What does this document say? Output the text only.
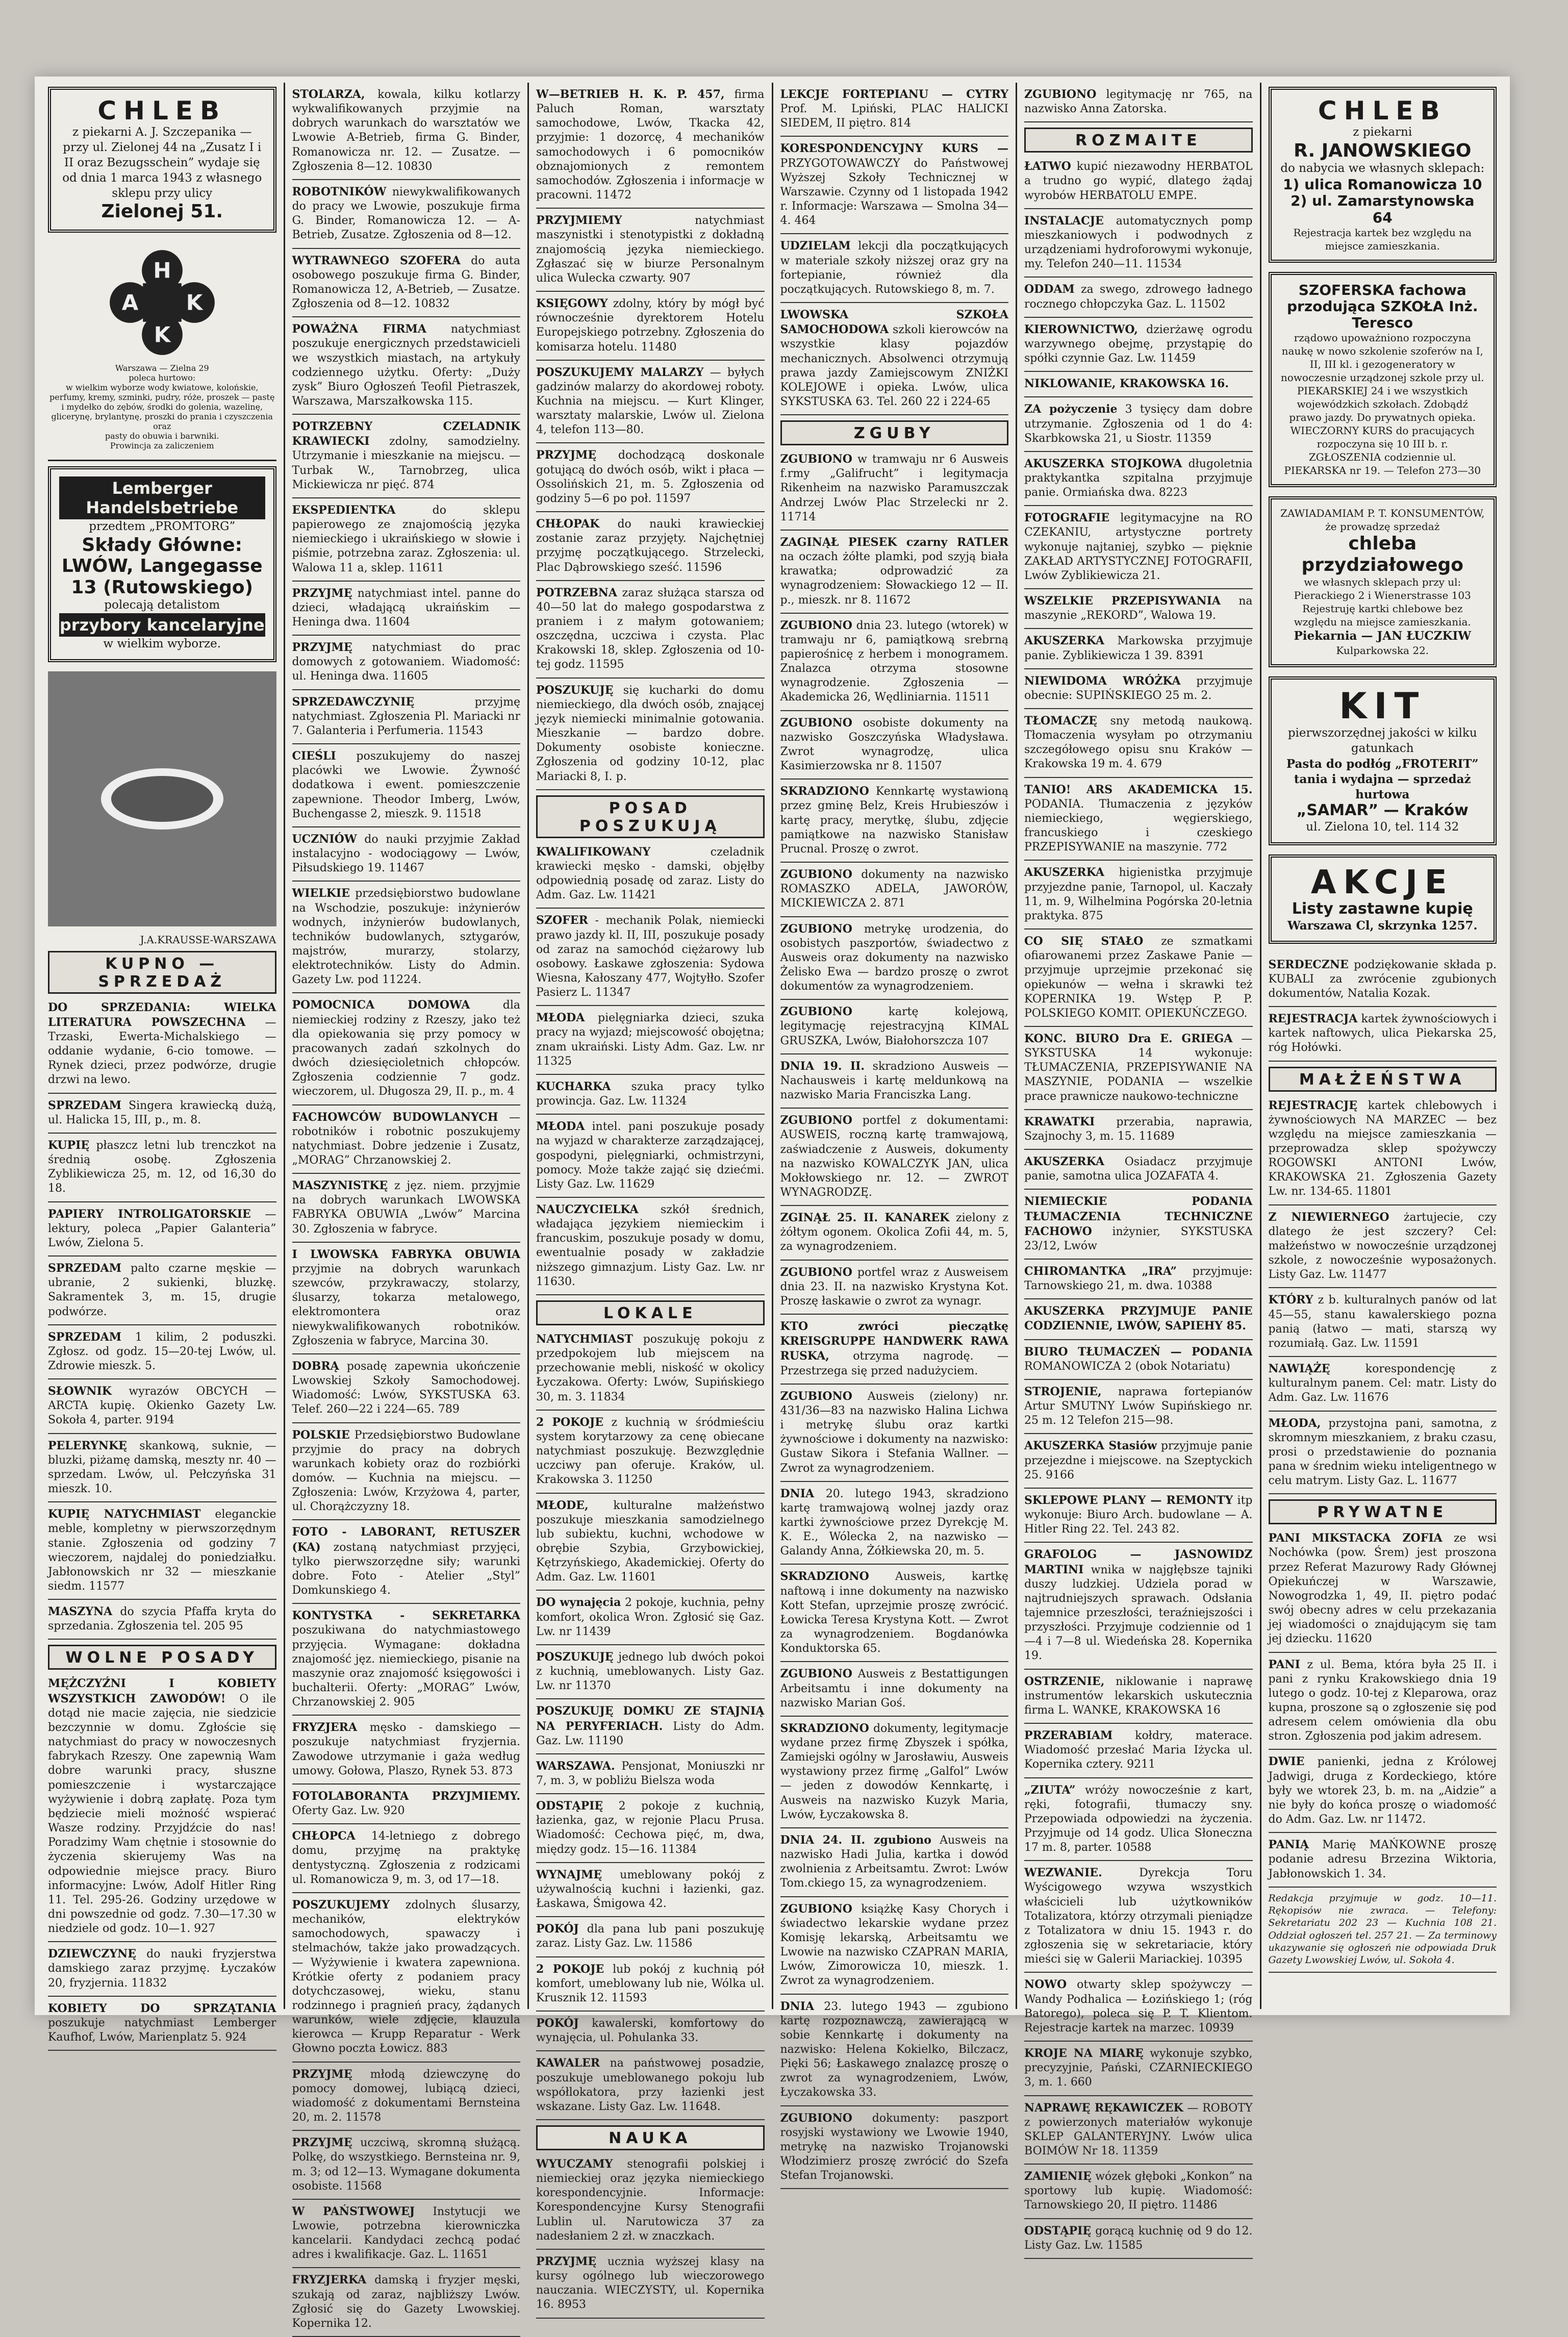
CHLEB
z piekarni A. J. Szczepanika — przy ul. Zielonej 44 na „Zusatz I i II oraz Bezugsschein” wydaje się od dnia 1 marca 1943 z własnego sklepu przy ulicy
Zielonej 51.
H
A	K
K
Warszawa — Zielna 29
poleca hurtowo:
w wielkim wyborze wody kwiatowe, kolońskie, perfumy, kremy, szminki, pudry, róże, proszek — pastę i mydełko do zębów, środki do golenia, wazelinę, glicerynę, brylantynę, proszki do prania i czyszczenia oraz
pasty do obuwia i barwniki.
Prowincja za zaliczeniem
Lemberger Handelsbetriebe
przedtem „PROMTORG”
Składy Główne: LWÓW, Langegasse 13 (Rutowskiego)
polecają detalistom
przybory kancelaryjne
w wielkim wyborze.
J.A.KRAUSSE-WARSZAWA
KUPNO — SPRZEDAŻ
DO SPRZEDANIA: WIELKA LITERATURA POWSZECHNA — Trzaski, Ewerta-Michalskiego — oddanie wydanie, 6-cio tomowe. — Rynek dzieci, przez podwórze, drugie drzwi na lewo.
SPRZEDAM Singera krawiecką dużą, ul. Halicka 15, III, p., m. 8.
KUPIĘ płaszcz letni lub trenczkot na średnią osobę. Zgłoszenia Zyblikiewicza 25, m. 12, od 16,30 do 18.
PAPIERY INTROLIGATORSKIE — lektury, poleca „Papier Galanteria” Lwów, Zielona 5.
SPRZEDAM palto czarne męskie — ubranie, 2 sukienki, bluzkę. Sakramentek 3, m. 15, drugie podwórze.
SPRZEDAM 1 kilim, 2 poduszki. Zgłosz. od godz. 15—20-tej Lwów, ul. Zdrowie mieszk. 5.
SŁOWNIK wyrazów OBCYCH — ARCTA kupię. Okienko Gazety Lw. Sokoła 4, parter. 9194
PELERYNKĘ skankową, suknie, — bluzki, piżamę damską, meszty nr. 40 — sprzedam. Lwów, ul. Pełczyńska 31 mieszk. 10.
KUPIĘ NATYCHMIAST eleganckie meble, kompletny w pierwszorzędnym stanie. Zgłoszenia od godziny 7 wieczorem, najdalej do poniedziałku. Jabłonowskich nr 32 — mieszkanie siedm. 11577
MASZYNA do szycia Pfaffa kryta do sprzedania. Zgłoszenia tel. 205 95
WOLNE POSADY
MĘŻCZYŹNI I KOBIETY WSZYSTKICH ZAWODÓW! O ile dotąd nie macie zajęcia, nie siedzicie bezczynnie w domu. Zgłoście się natychmiast do pracy w nowoczesnych fabrykach Rzeszy. One zapewnią Wam dobre warunki pracy, słuszne pomieszczenie i wystarczające wyżywienie i dobrą zapłatę. Poza tym będziecie mieli możność wspierać Wasze rodziny. Przyjdźcie do nas! Poradzimy Wam chętnie i stosownie do życzenia skierujemy Was na odpowiednie miejsce pracy. Biuro informacyjne: Lwów, Adolf Hitler Ring 11. Tel. 295-26. Godziny urzędowe w dni powszednie od godz. 7.30—17.30 w niedziele od godz. 10—1. 927
DZIEWCZYNĘ do nauki fryzjerstwa damskiego zaraz przyjmę. Łyczaków 20, fryzjernia. 11832
KOBIETY DO SPRZĄTANIA poszukuje natychmiast Lemberger Kaufhof, Lwów, Marienplatz 5. 924
STOLARZA, kowala, kilku kotlarzy wykwalifikowanych przyjmie na dobrych warunkach do warsztatów we Lwowie A-Betrieb, firma G. Binder, Romanowicza nr. 12. — Zusatze. — Zgłoszenia 8—12. 10830
ROBOTNIKÓW niewykwalifikowanych do pracy we Lwowie, poszukuje firma G. Binder, Romanowicza 12. — A-Betrieb, Zusatze. Zgłoszenia od 8—12.
WYTRAWNEGO SZOFERA do auta osobowego poszukuje firma G. Binder, Romanowicza 12, A-Betrieb, — Zusatze. Zgłoszenia od 8—12. 10832
POWAŻNA FIRMA natychmiast poszukuje energicznych przedstawicieli we wszystkich miastach, na artykuły codziennego użytku. Oferty: „Duży zysk” Biuro Ogłoszeń Teofil Pietraszek, Warszawa, Marszałkowska 115.
POTRZEBNY CZELADNIK KRAWIECKI zdolny, samodzielny. Utrzymanie i mieszkanie na miejscu. — Turbak W., Tarnobrzeg, ulica Mickiewicza nr pięć. 874
EKSPEDIENTKA	do sklepu papierowego ze znajomością języka niemieckiego i ukraińskiego w słowie i piśmie, potrzebna zaraz. Zgłoszenia: ul. Walowa 11 a, sklep. 11611
PRZYJMĘ natychmiast intel. panne do dzieci, władającą ukraińskim — Heninga dwa. 11604
PRZYJMĘ natychmiast do prac domowych z gotowaniem. Wiadomość: ul. Heninga dwa. 11605
SPRZEDAWCZYNIĘ	przyjmę natychmiast. Zgłoszenia Pl. Mariacki nr 7. Galanteria i Perfumeria. 11543
CIEŚLI poszukujemy do naszej placówki we Lwowie. Żywność dodatkowa i ewent. pomieszczenie zapewnione. Theodor Imberg, Lwów, Buchengasse 2, mieszk. 9. 11518
UCZNIÓW do nauki przyjmie Zakład instalacyjno - wodociągowy — Lwów, Piłsudskiego 19. 11467
WIELKIE przedsiębiorstwo budowlane na Wschodzie, poszukuje: inżynierów wodnych, inżynierów budowlanych, techników budowlanych, sztygarów, majstrów, murarzy, stolarzy, elektrotechników. Listy do Admin. Gazety Lw. pod 11224.
POMOCNICA DOMOWA	dla niemieckiej rodziny z Rzeszy, jako też dla opiekowania się przy pomocy w pracowanych zadań szkolnych do dwóch dziesięcioletnich chłopców. Zgłoszenia codziennie 7 godz. wieczorem, ul. Długosza 29, II. p., m. 4
FACHOWCÓW BUDOWLANYCH — robotników i robotnic poszukujemy natychmiast. Dobre jedzenie i Zusatz, „MORAG” Chrzanowskiej 2.
MASZYNISTKĘ z jęz. niem. przyjmie na dobrych warunkach LWOWSKA FABRYKA OBUWIA „Lwów” Marcina 30. Zgłoszenia w fabryce.
I LWOWSKA FABRYKA OBUWIA przyjmie na dobrych warunkach szewców, przykrawaczy, stolarzy, ślusarzy, tokarza metalowego, elektromontera oraz niewykwalifikowanych robotników. Zgłoszenia w fabryce, Marcina 30.
DOBRĄ posadę zapewnia ukończenie Lwowskiej Szkoły Samochodowej. Wiadomość: Lwów, SYKSTUSKA 63. Telef. 260—22 i 224—65. 789
POLSKIE Przedsiębiorstwo Budowlane przyjmie do pracy na dobrych warunkach kobiety oraz do rozbiórki domów. — Kuchnia na miejscu. — Zgłoszenia: Lwów, Krzyżowa 4, parter, ul. Chorążczyzny 18.
FOTO - LABORANT, RETUSZER (KA) zostaną natychmiast przyjęci, tylko pierwszorzędne siły; warunki dobre. Foto - Atelier „Styl” Domkunskiego 4.
KONTYSTKA - SEKRETARKA poszukiwana do natychmiastowego przyjęcia. Wymagane: dokładna znajomość jęz. niemieckiego, pisanie na maszynie oraz znajomość księgowości i buchalterii. Oferty: „MORAG” Lwów, Chrzanowskiej 2. 905
FRYZJERA męsko - damskiego — poszukuje natychmiast fryzjernia. Zawodowe utrzymanie i gaża według umowy. Gołowa, Plaszo, Rynek 53. 873
FOTOLABORANTA PRZYJMIEMY. Oferty Gaz. Lw. 920
CHŁOPCA 14-letniego z dobrego domu, przyjmę na praktykę dentystyczną. Zgłoszenia z rodzicami ul. Romanowicza 9, m. 3, od 17—18.
POSZUKUJEMY zdolnych ślusarzy, mechaników, elektryków samochodowych, spawaczy i stelmachów, także jako prowadzących. — Wyżywienie i kwatera zapewniona. Krótkie oferty z podaniem pracy dotychczasowej, wieku, stanu rodzinnego i pragnień pracy, żądanych warunków, wiele zdjęcie, klauzula kierowca — Krupp Reparatur - Werk Głowno poczta Łowicz. 883
PRZYJMĘ młodą dziewczynę do pomocy domowej, lubiącą dzieci, wiadomość z dokumentami Bernsteina 20, m. 2. 11578
PRZYJMĘ uczciwą, skromną służącą. Polkę, do wszystkiego. Bernsteina nr. 9, m. 3; od 12—13. Wymagane dokumenta osobiste. 11568
W PAŃSTWOWEJ Instytucji we Lwowie, potrzebna kierowniczka kancelarii. Kandydaci zechcą podać adres i kwalifikacje. Gaz. L. 11651
FRYZJERKA damską i fryzjer męski, szukają od zaraz, najbliższy Lwów. Zgłosić się do Gazety Lwowskiej. Kopernika 12.
W—BETRIEB H. K. P. 457, firma Paluch Roman, warsztaty samochodowe, Lwów, Tkacka 42, przyjmie: 1 dozorcę, 4 mechaników samochodowych i 6 pomocników obznajomionych z remontem samochodów. Zgłoszenia i informacje w pracowni. 11472
PRZYJMIEMY	natychmiast maszynistki i stenotypistki z dokładną znajomością języka niemieckiego. Zgłaszać się w biurze Personalnym ulica Wulecka czwarty. 907
KSIĘGOWY zdolny, który by mógł być równocześnie dyrektorem Hotelu Europejskiego potrzebny. Zgłoszenia do komisarza hotelu. 11480
POSZUKUJEMY MALARZY — byłych gadzinów malarzy do akordowej roboty. Kuchnia na miejscu. — Kurt Klinger, warsztaty malarskie, Lwów ul. Zielona 4, telefon 113—80.
PRZYJMĘ dochodzącą doskonale gotującą do dwóch osób, wikt i płaca — Ossolińskich 21, m. 5. Zgłoszenia od godziny 5—6 po poł. 11597
CHŁOPAK do nauki krawieckiej zostanie zaraz przyjęty. Najchętniej przyjmę początkującego. Strzelecki, Plac Dąbrowskiego sześć. 11596
POTRZEBNA zaraz służąca starsza od 40—50 lat do małego gospodarstwa z praniem i z małym gotowaniem; oszczędna, uczciwa i czysta. Plac Krakowski 18, sklep. Zgłoszenia od 10-tej godz. 11595
POSZUKUJĘ się kucharki do domu niemieckiego, dla dwóch osób, znającej język niemiecki minimalnie gotowania. Mieszkanie — bardzo dobre. Dokumenty osobiste konieczne. Zgłoszenia od godziny 10-12, plac Mariacki 8, I. p.
POSAD POSZUKUJĄ
KWALIFIKOWANY	czeladnik krawiecki męsko - damski, objęłby odpowiednią posadę od zaraz. Listy do Adm. Gaz. Lw. 11421
SZOFER - mechanik Polak, niemiecki prawo jazdy kl. II, III, poszukuje posady od zaraz na samochód ciężarowy lub osobowy. Łaskawe zgłoszenia: Sydowa Wiesna, Kałoszany 477, Wojtyłło. Szofer Pasierz L. 11347
MŁODA pielęgniarka dzieci, szuka pracy na wyjazd; miejscowość obojętna; znam ukraiński. Listy Adm. Gaz. Lw. nr 11325
KUCHARKA szuka pracy tylko prowincja. Gaz. Lw. 11324
MŁODA intel. pani poszukuje posady na wyjazd w charakterze zarządzającej, gospodyni, pielęgniarki, ochmistrzyni, pomocy. Może także zająć się dziećmi. Listy Gaz. Lw. 11629
NAUCZYCIELKA szkół średnich, władająca językiem niemieckim i francuskim, poszukuje posady w domu, ewentualnie posady w zakładzie niższego gimnazjum. Listy Gaz. Lw. nr 11630.
LOKALE
NATYCHMIAST poszukuję pokoju z przedpokojem lub miejscem na przechowanie mebli, niskość w okolicy Łyczakowa. Oferty: Lwów, Supińskiego 30, m. 3. 11834
2 POKOJE z kuchnią w śródmieściu system korytarzowy za cenę obiecane natychmiast poszukuję. Bezwzględnie uczciwy pan oferuje. Kraków, ul. Krakowska 3. 11250
MŁODE, kulturalne małżeństwo poszukuje mieszkania samodzielnego lub subiektu, kuchni, wchodowe w obrębie Szybia, Grzybowickiej, Kętrzyńskiego, Akademickiej. Oferty do Adm. Gaz. Lw. 11601
DO wynajęcia 2 pokoje, kuchnia, pełny komfort, okolica Wron. Zgłosić się Gaz. Lw. nr 11439
POSZUKUJĘ jednego lub dwóch pokoi z kuchnią, umeblowanych. Listy Gaz. Lw. nr 11370
POSZUKUJĘ DOMKU ZE STAJNIĄ NA PERYFERIACH. Listy do Adm. Gaz. Lw. 11190
WARSZAWA. Pensjonat, Moniuszki nr 7, m. 3, w pobliżu Bielsza woda
ODSTĄPIĘ 2 pokoje z kuchnią, łazienka, gaz, w rejonie Placu Prusa. Wiadomość: Cechowa pięć, m, dwa, między godz. 15—16. 11384
WYNAJMĘ umeblowany pokój z używalnością kuchni i łazienki, gaz. Łaskawa, Śmigowa 42.
POKÓJ dla pana lub pani poszukuję zaraz. Listy Gaz. Lw. 11586
2 POKOJE lub pokój z kuchnią pół komfort, umeblowany lub nie, Wólka ul. Krusznik 12. 11593
POKÓJ kawalerski, komfortowy do wynajęcia, ul. Pohulanka 33.
KAWALER na państwowej posadzie, poszukuje umeblowanego pokoju lub współlokatora, przy łazienki jest wskazane. Listy Gaz. Lw. 11648.
NAUKA
WYUCZAMY stenografii polskiej i niemieckiej oraz języka niemieckiego korespondencyjnie. Informacje: Korespondencyjne Kursy Stenografii Lublin ul. Narutowicza 37 za nadesłaniem 2 zł. w znaczkach.
PRZYJMĘ ucznia wyższej klasy na kursy ogólnego lub wieczorowego nauczania. WIECZYSTY, ul. Kopernika 16. 8953
LEKCJE FORTEPIANU — CYTRY Prof. M. Lpiński, PLAC HALICKI SIEDEM, II piętro. 814
KORESPONDENCYJNY KURS — PRZYGOTOWAWCZY do Państwowej Wyższej Szkoły Technicznej w Warszawie. Czynny od 1 listopada 1942 r. Informacje: Warszawa — Smolna 34—4. 464
UDZIELAM lekcji dla początkujących w materiale szkoły niższej oraz gry na fortepianie, również dla początkujących. Rutowskiego 8, m. 7.
LWOWSKA SZKOŁA SAMOCHODOWA szkoli kierowców na wszystkie klasy pojazdów mechanicznych. Absolwenci otrzymują prawa jazdy Zamiejscowym ZNIŻKI KOLEJOWE i opieka. Lwów, ulica SYKSTUSKA 63. Tel. 260 22 i 224-65
ZGUBY
ZGUBIONO w tramwaju nr 6 Ausweis f.rmy „Galifrucht” i legitymacja Rikenheim na nazwisko Paramuszczak Andrzej Lwów Plac Strzelecki nr 2. 11714
ZAGINĄŁ PIESEK czarny RATLER na oczach żółte plamki, pod szyją biała krawatka; odprowadzić za wynagrodzeniem: Słowackiego 12 — II. p., mieszk. nr 8. 11672
ZGUBIONO dnia 23. lutego (wtorek) w tramwaju nr 6, pamiątkową srebrną papierośnicę z herbem i monogramem. Znalazca otrzyma stosowne wynagrodzenie. Zgłoszenia — Akademicka 26, Wędliniarnia. 11511
ZGUBIONO osobiste dokumenty na nazwisko Goszczyńska Władysława. Zwrot wynagrodzę, ulica Kasimierzowska nr 8. 11507
SKRADZIONO Kennkartę wystawioną przez gminę Belz, Kreis Hrubieszów i kartę pracy, merytkę, ślubu, zdjęcie pamiątkowe na nazwisko Stanisław Prucnal. Proszę o zwrot.
ZGUBIONO dokumenty na nazwisko ROMASZKO ADELA, JAWORÓW, MICKIEWICZA 2. 871
ZGUBIONO metrykę urodzenia, do osobistych paszportów, świadectwo z Ausweis oraz dokumenty na nazwisko Żelisko Ewa — bardzo proszę o zwrot dokumentów za wynagrodzeniem.
ZGUBIONO	kartę kolejową, legitymację rejestracyjną KIMAL GRUSZKA, Lwów, Białohorszcza 107
DNIA 19. II. skradziono Ausweis — Nachausweis i kartę meldunkową na nazwisko Maria Franciszka Lang.
ZGUBIONO portfel z dokumentami: AUSWEIS, roczną kartę tramwajową, zaświadczenie z Ausweis, dokumenty na nazwisko KOWALCZYK JAN, ulica Mokłowskiego nr. 12. — ZWROT WYNAGRODZĘ.
ZGINĄŁ 25. II. KANAREK zielony z żółtym ogonem. Okolica Zofii 44, m. 5, za wynagrodzeniem.
ZGUBIONO portfel wraz z Ausweisem dnia 23. II. na nazwisko Krystyna Kot. Proszę łaskawie o zwrot za wynagr.
KTO zwróci pieczątkę KREISGRUPPE HANDWERK RAWA RUSKA, otrzyma nagrodę. — Przestrzega się przed nadużyciem.
ZGUBIONO Ausweis (zielony) nr. 431/36—83 na nazwisko Halina Lichwa i metrykę ślubu oraz kartki żywnościowe i dokumenty na nazwisko: Gustaw Sikora i Stefania Wallner. — Zwrot za wynagrodzeniem.
DNIA 20. lutego 1943, skradziono kartę tramwajową wolnej jazdy oraz kartki żywnościowe przez Dyrekcję M. K. E., Wólecka 2, na nazwisko — Galandy Anna, Żółkiewska 20, m. 5.
SKRADZIONO Ausweis, kartkę naftową i inne dokumenty na nazwisko Kott Stefan, uprzejmie proszę zwrócić. Łowicka Teresa Krystyna Kott. — Zwrot za wynagrodzeniem. Bogdanówka Konduktorska 65.
ZGUBIONO Ausweis z Bestattigungen Arbeitsamtu i inne dokumenty na nazwisko Marian Goś.
SKRADZIONO dokumenty, legitymacje wydane przez firmę Zbyszek i spółka, Zamiejski ogólny w Jarosławiu, Ausweis wystawiony przez firmę „Galfol” Lwów — jeden z dowodów Kennkartę, i Ausweis na nazwisko Kuzyk Maria, Lwów, Łyczakowska 8.
DNIA 24. II. zgubiono Ausweis na nazwisko Hadi Julia, kartka i dowód zwolnienia z Arbeitsamtu. Zwrot: Lwów Tom.ckiego 15, za wynagrodzeniem.
ZGUBIONO książkę Kasy Chorych i świadectwo lekarskie wydane przez Komisję lekarską, Arbeitsamtu we Lwowie na nazwisko CZAPRAN MARIA, Lwów, Zimorowicza 10, mieszk. 1. Zwrot za wynagrodzeniem.
DNIA 23. lutego 1943 — zgubiono kartę rozpoznawczą, zawierającą w sobie Kennkartę i dokumenty na nazwisko: Helena Kokielko, Bilczacz, Pięki 56; Łaskawego znalazcę proszę o zwrot za wynagrodzeniem, Lwów, Łyczakowska 33.
ZGUBIONO dokumenty: paszport rosyjski wystawiony we Lwowie 1940, metrykę na nazwisko Trojanowski Włodzimierz proszę zwrócić do Szefa Stefan Trojanowski.
ZGUBIONO legitymację nr 765, na nazwisko Anna Zatorska.
ROZMAITE
ŁATWO kupić niezawodny HERBATOL a trudno go wypić, dlatego żądaj wyrobów HERBATOLU EMPE.
INSTALACJE automatycznych pomp mieszkaniowych i podwodnych z urządzeniami hydroforowymi wykonuje, my. Telefon 240—11. 11534
ODDAM za swego, zdrowego ładnego rocznego chłopczyka Gaz. L. 11502
KIEROWNICTWO, dzierżawę ogrodu warzywnego obejmę, przystąpię do spółki czynnie Gaz. Lw. 11459
NIKLOWANIE, KRAKOWSKA 16.
ZA pożyczenie 3 tysięcy dam dobre utrzymanie. Zgłoszenia od 1 do 4: Skarbkowska 21, u Siostr. 11359
AKUSZERKA STOJKOWA długoletnia praktykantka szpitalna przyjmuje panie. Ormiańska dwa. 8223
FOTOGRAFIE legitymacyjne na RO CZEKANIU, artystyczne portrety wykonuje najtaniej, szybko — pięknie ZAKŁAD ARTYSTYCZNEJ FOTOGRAFII, Lwów Zyblikiewicza 21.
WSZELKIE PRZEPISYWANIA na maszynie „REKORD”, Walowa 19.
AKUSZERKA Markowska przyjmuje panie. Zyblikiewicza 1 39. 8391
NIEWIDOMA WRÓŻKA przyjmuje obecnie: SUPIŃSKIEGO 25 m. 2.
TŁOMACZĘ sny metodą naukową. Tłomaczenia wysyłam po otrzymaniu szczegółowego opisu snu Kraków — Krakowska 19 m. 4. 679
TANIO! ARS AKADEMICKA 15. PODANIA. Tłumaczenia z języków niemieckiego, węgierskiego, francuskiego i czeskiego PRZEPISYWANIE na maszynie. 772
AKUSZERKA higienistka przyjmuje przyjezdne panie, Tarnopol, ul. Kaczały 11, m. 9, Wilhelmina Pogórska 20-letnia praktyka. 875
CO SIĘ STAŁO ze szmatkami ofiarowanemi przez Zaskawe Panie — przyjmuje uprzejmie przekonać się opiekunów — wełna i skrawki też KOPERNIKA 19. Wstęp P. P. POLSKIEGO KOMIT. OPIEKUŃCZEGO.
KONC. BIURO Dra E. GRIEGA — SYKSTUSKA 14 wykonuje: TŁUMACZENIA, PRZEPISYWANIE NA MASZYNIE, PODANIA — wszelkie prace prawnicze naukowo-techniczne
KRAWATKI przerabia, naprawia, Szajnochy 3, m. 15. 11689
AKUSZERKA Osiadacz przyjmuje panie, samotna ulica JOZAFATA 4.
NIEMIECKIE PODANIA TŁUMACZENIA TECHNICZNE FACHOWO inżynier, SYKSTUSKA 23/12, Lwów
CHIROMANTKA „IRA” przyjmuje: Tarnowskiego 21, m. dwa. 10388
AKUSZERKA PRZYJMUJE PANIE CODZIENNIE, LWÓW, SAPIEHY 85.
BIURO TŁUMACZEŃ — PODANIA ROMANOWICZA 2 (obok Notariatu)
STROJENIE, naprawa fortepianów Artur SMUTNY Lwów Supińskiego nr. 25 m. 12 Telefon 215—98.
AKUSZERKA Stasiów przyjmuje panie przejezdne i miejscowe. na Szeptyckich 25. 9166
SKLEPOWE PLANY — REMONTY itp wykonuje: Biuro Arch. budowlane — A. Hitler Ring 22. Tel. 243 82.
GRAFOLOG — JASNOWIDZ MARTINI wnika w najgłębsze tajniki duszy ludzkiej. Udziela porad w najtrudniejszych sprawach. Odsłania tajemnice przeszłości, teraźniejszości i przyszłości. Przyjmuje codziennie od 1—4 i 7—8 ul. Wiedeńska 28. Kopernika 19.
OSTRZENIE, niklowanie i naprawę instrumentów lekarskich uskutecznia firma L. WANKE, KRAKOWSKA 16
PRZERABIAM kołdry, materace. Wiadomość przesłać Maria Iżycka ul. Kopernika cztery. 9211
„ZIUTA” wróży nowocześnie z kart, ręki, fotografii, tłumaczy sny. Przepowiada odpowiedzi na życzenia. Przyjmuje od 14 godz. Ulica Słoneczna 17 m. 8, parter. 10588
WEZWANIE.	Dyrekcja Toru Wyścigowego wzywa wszystkich właścicieli lub użytkowników Totalizatora, którzy otrzymali pieniądze z Totalizatora w dniu 15. 1943 r. do zgłoszenia się w sekretariacie, który mieści się w Galerii Mariackiej. 10395
NOWO otwarty sklep spożywczy — Wandy Podhalica — Łozińskiego 1; (róg Batorego), poleca się P. T. Klientom. Rejestracje kartek na marzec. 10939
KROJE NA MIARĘ wykonuje szybko, precyzyjnie, Pański, CZARNIECKIEGO 3, m. 1. 660
NAPRAWĘ RĘKAWICZEK — ROBOTY z powierzonych materiałów wykonuje SKLEP GALANTERYJNY. Lwów ulica BOIMÓW Nr 18. 11359
ZAMIENIĘ wózek głęboki „Konkon” na sportowy lub kupię. Wiadomość: Tarnowskiego 20, II piętro. 11486
ODSTĄPIĘ gorącą kuchnię od 9 do 12. Listy Gaz. Lw. 11585
CHLEB
z piekarni
R. JANOWSKIEGO
do nabycia we własnych sklepach:
1) ulica Romanowicza 10
2) ul. Zamarstynowska 64
Rejestracja kartek bez względu na miejsce zamieszkania.
SZOFERSKA fachowa przodująca SZKOŁA Inż. Teresco
rządowo upoważniono rozpoczyna naukę w nowo szkolenie szoferów na I, II, III kl. i gezogeneratory w nowoczesnie urządzonej szkole przy ul. PIEKARSKIEJ 24 i we wszystkich wojewódzkich szkołach. Zdobądź prawo jazdy. Do prywatnych opieka. WIECZORNY KURS do pracujących rozpoczyna się 10 III b. r. ZGŁOSZENIA codziennie ul. PIEKARSKA nr 19. — Telefon 273—30
ZAWIADAMIAM P. T. KONSUMENTÓW, że prowadzę sprzedaż
chleba przydziałowego
we własnych sklepach przy ul: Pierackiego 2 i Wienerstrasse 103
Rejestruję kartki chlebowe bez względu na miejsce zamieszkania.
Piekarnia — JAN ŁUCZKIW
Kulparkowska 22.
KIT
pierwszorzędnej jakości w kilku gatunkach
Pasta do podłóg „FROTERIT” tania i wydajna — sprzedaż hurtowa
„SAMAR” — Kraków
ul. Zielona 10, tel. 114 32
AKCJE
Listy zastawne kupię
Warszawa Cl, skrzynka 1257.
SERDECZNE podziękowanie składa p. KUBALI za zwrócenie zgubionych dokumentów, Natalia Kozak.
REJESTRACJA kartek żywnościowych i kartek naftowych, ulica Piekarska 25, róg Hołówki.
MAŁŻEŃSTWA
REJESTRACJĘ kartek chlebowych i żywnościowych NA MARZEC — bez względu na miejsce zamieszkania — przeprowadza sklep spożywczy ROGOWSKI ANTONI Lwów, KRAKOWSKA 21. Zgłoszenia Gazety Lw. nr. 134-65. 11801
Z NIEWIERNEGO żartujecie, czy dlatego że jest szczery? Cel: małżeństwo w nowocześnie urządzonej szkole, z nowocześnie wyposażonych. Listy Gaz. Lw. 11477
KTÓRY z b. kulturalnych panów od lat 45—55, stanu kawalerskiego pozna panią (łatwo — mati, starszą wy rozumiałą. Gaz. Lw. 11591
NAWIĄŻĘ	korespondencję z kulturalnym panem. Cel: matr. Listy do Adm. Gaz. Lw. 11676
MŁODA, przystojna pani, samotna, z skromnym mieszkaniem, z braku czasu, prosi o przedstawienie do poznania pana w średnim wieku inteligentnego w celu matrym. Listy Gaz. L. 11677
PRYWATNE
PANI MIKSTACKA ZOFIA ze wsi Nochówka (pow. Śrem) jest proszona przez Referat Mazurowy Rady Głównej Opiekuńczej w Warszawie, Nowogrodzka 1, 49, II. piętro podać swój obecny adres w celu przekazania jej wiadomości o znajdującym się tam jej dziecku. 11620
PANI z ul. Bema, która była 25 II. i pani z rynku Krakowskiego dnia 19 lutego o godz. 10-tej z Kleparowa, oraz kupna, proszone są o zgłoszenie się pod adresem celem omówienia dla obu stron. Zgłoszenia pod jakim adresem.
DWIE panienki, jedna z Królowej Jadwigi, druga z Kordeckiego, które były we wtorek 23, b. m. na „Aidzie” a nie były do końca proszę o wiadomość do Adm. Gaz. Lw. nr 11472.
PANIĄ Marię MAŃKOWNE proszę podanie adresu Brzezina Wiktoria, Jabłonowskich 1. 34.
Redakcja przyjmuje w godz. 10—11. Rękopisów nie zwraca. — Telefony: Sekretariatu 202 23 — Kuchnia 108 21. Oddział ogłoszeń tel. 257 21. — Za terminowy ukazywanie się ogłoszeń nie odpowiada Druk Gazety Lwowskiej Lwów, ul. Sokoła 4.
